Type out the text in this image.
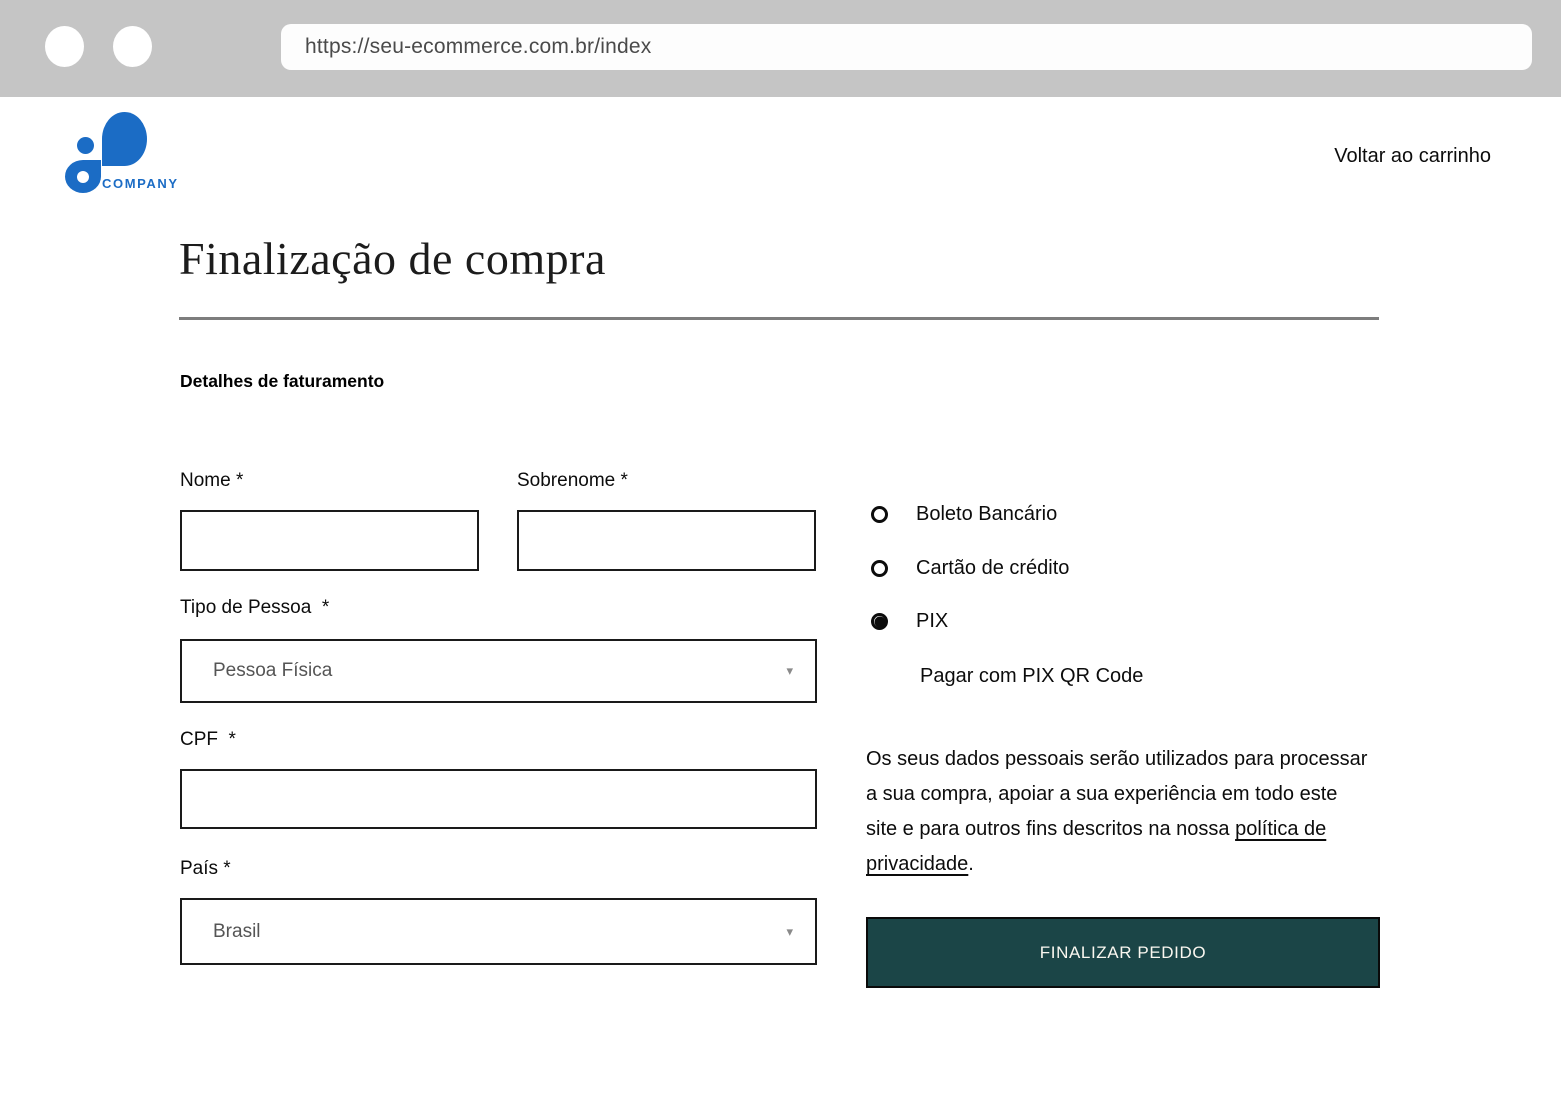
https://seu-ecommerce.com.br/index
COMPANY
Voltar ao carrinho
Finalização de compra
Detalhes de faturamento
Nome *	Sobrenome *
Tipo de Pessoa  *
Pessoa Física	▾
CPF  *
País *
Brasil	▾
Boleto Bancário
Cartão de crédito
PIX
Pagar com PIX QR Code

Os seus dados pessoais serão utilizados para processar a sua compra, apoiar a sua experiência em todo este site e para outros fins descritos na nossa política de privacidade.

FINALIZAR PEDIDO
